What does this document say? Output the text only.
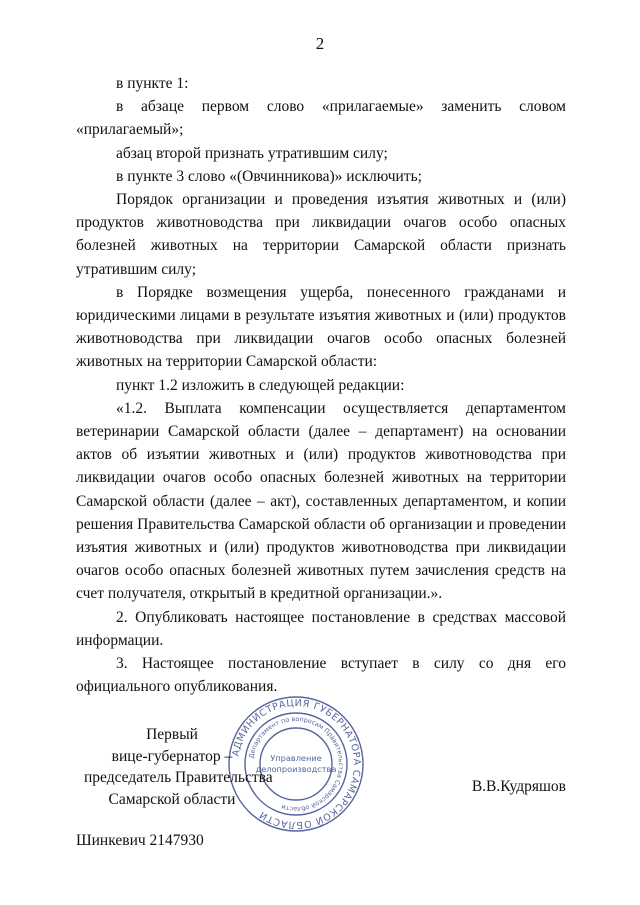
2

в пункте 1:

в абзаце первом слово «прилагаемые» заменить словом «прилагаемый»;

абзац второй признать утратившим силу;

в пункте 3 слово «(Овчинникова)» исключить;

Порядок организации и проведения изъятия животных и (или) продуктов животноводства при ликвидации очагов особо опасных болезней животных на территории Самарской области признать утратившим силу;

в Порядке возмещения ущерба, понесенного гражданами и юридическими лицами в результате изъятия животных и (или) продуктов животноводства при ликвидации очагов особо опасных болезней животных на территории Самарской области:

пункт 1.2 изложить в следующей редакции:

«1.2. Выплата компенсации осуществляется департаментом ветеринарии Самарской области (далее – департамент) на основании актов об изъятии животных и (или) продуктов животноводства при ликвидации очагов особо опасных болезней животных на территории Самарской области (далее – акт), составленных департаментом, и копии решения Правительства Самарской области об организации и проведении изъятия животных и (или) продуктов животноводства при ликвидации очагов особо опасных болезней животных путем зачисления средств на счет получателя, открытый в кредитной организации.».

2. Опубликовать настоящее постановление в средствах массовой информации.

3. Настоящее постановление вступает в силу со дня его официального опубликования.

АДМИНИСТРАЦИЯ ГУБЕРНАТОРА САМАРСКОЙ ОБЛАСТИ
Департамент по вопросам Правительства Самарской области
Управление
делопроизводства
Первый
вице-губернатор –
председатель Правительства
Самарской области
В.В.Кудряшов
Шинкевич 2147930
